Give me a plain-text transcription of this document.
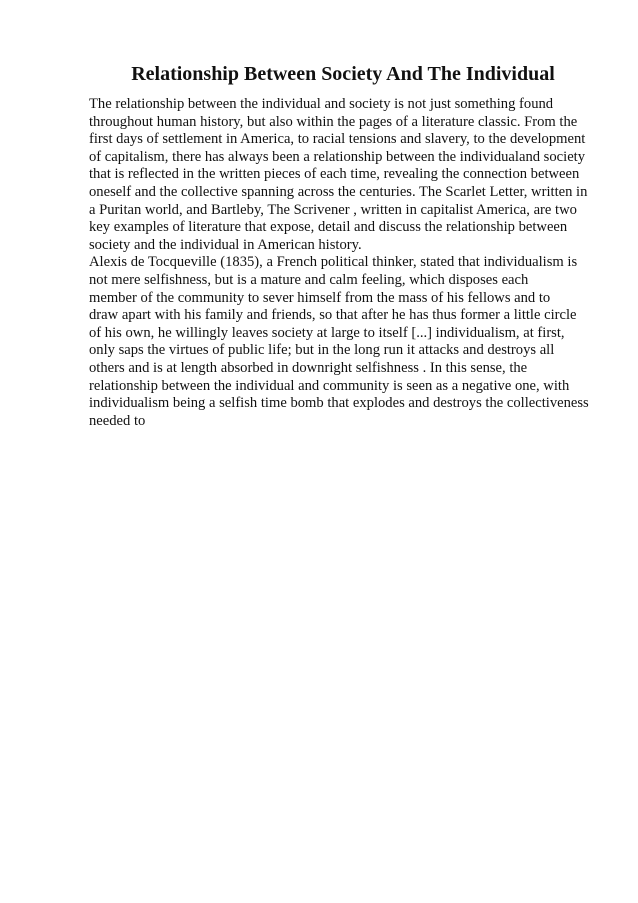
Relationship Between Society And The Individual
The relationship between the individual and society is not just something found
throughout human history, but also within the pages of a literature classic. From the
first days of settlement in America, to racial tensions and slavery, to the development
of capitalism, there has always been a relationship between the individualand society
that is reflected in the written pieces of each time, revealing the connection between
oneself and the collective spanning across the centuries. The Scarlet Letter, written in
a Puritan world, and Bartleby, The Scrivener , written in capitalist America, are two
key examples of literature that expose, detail and discuss the relationship between
society and the individual in American history.
Alexis de Tocqueville (1835), a French political thinker, stated that individualism is
not mere selfishness, but is a mature and calm feeling, which disposes each
member of the community to sever himself from the mass of his fellows and to
draw apart with his family and friends, so that after he has thus former a little circle
of his own, he willingly leaves society at large to itself [...] individualism, at first,
only saps the virtues of public life; but in the long run it attacks and destroys all
others and is at length absorbed in downright selfishness . In this sense, the
relationship between the individual and community is seen as a negative one, with
individualism being a selfish time bomb that explodes and destroys the collectiveness
needed to
